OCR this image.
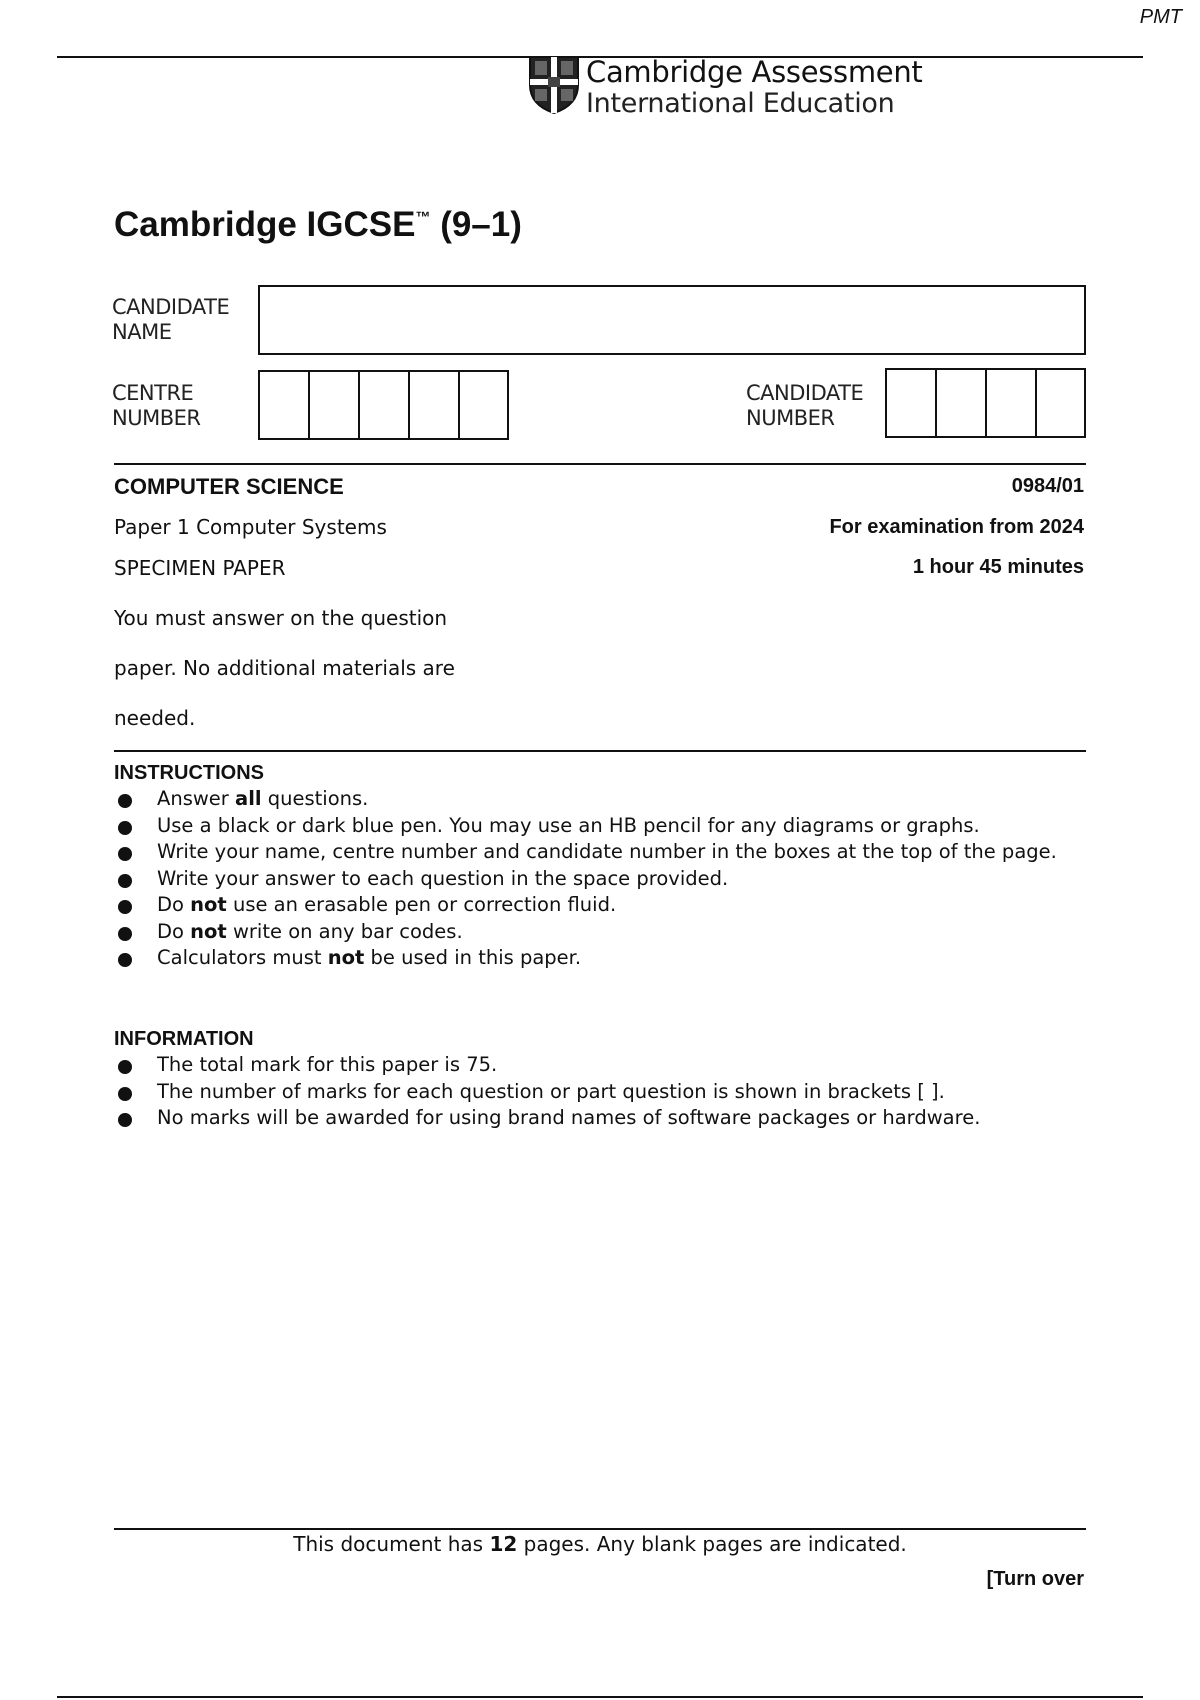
PMT
Cambridge Assessment
International Education
Cambridge IGCSE™ (9–1)
CANDIDATE
NAME
CENTRE
NUMBER
CANDIDATE
NUMBER
COMPUTER SCIENCE	0984/01
Paper 1 Computer Systems	For examination from 2024
SPECIMEN PAPER	1 hour 45 minutes
You must answer on the question
paper. No additional materials are
needed.
INSTRUCTIONS
Answer all questions.
Use a black or dark blue pen. You may use an HB pencil for any diagrams or graphs.
Write your name, centre number and candidate number in the boxes at the top of the page.
Write your answer to each question in the space provided.
Do not use an erasable pen or correction fluid.
Do not write on any bar codes.
Calculators must not be used in this paper.
INFORMATION
The total mark for this paper is 75.
The number of marks for each question or part question is shown in brackets [ ].
No marks will be awarded for using brand names of software packages or hardware.
This document has 12 pages. Any blank pages are indicated.
[Turn over
